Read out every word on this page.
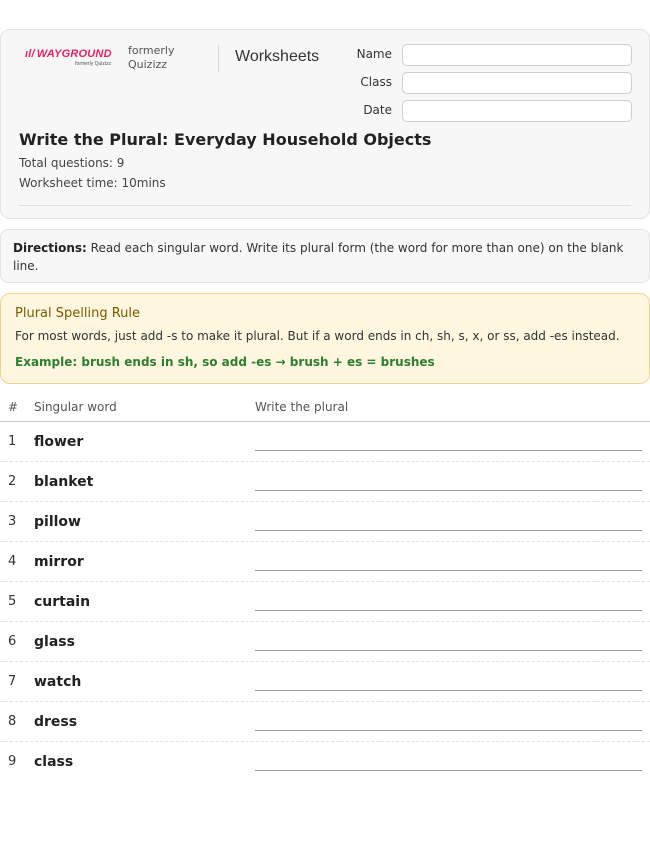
ıl/ WAYGROUND
formerly Quizizz
formerly
Quizizz	Worksheets	Name
Class
Date
Write the Plural: Everyday Household Objects
Total questions: 9
Worksheet time: 10mins
Directions: Read each singular word. Write its plural form (the word for more than one) on the blank line.
Plural Spelling Rule
For most words, just add -s to make it plural. But if a word ends in ch, sh, s, x, or ss, add -es instead.
Example: brush ends in sh, so add -es → brush + es = brushes
# Singular word	Write the plural
1 flower
2 blanket
3 pillow
4 mirror
5 curtain
6 glass
7 watch
8 dress
9 class
